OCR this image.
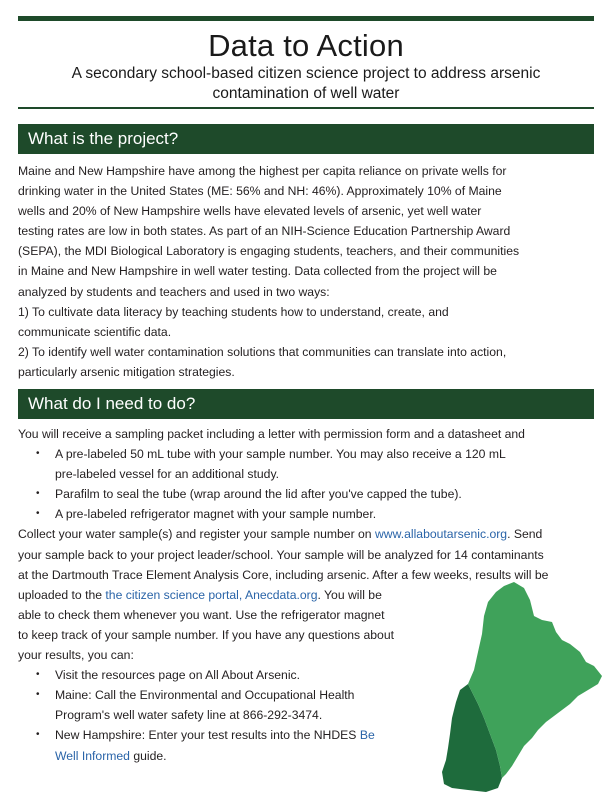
Data to Action
A secondary school-based citizen science project to address arsenic
contamination of well water
What is the project?

Maine and New Hampshire have among the highest per capita reliance on private wells for

drinking water in the United States (ME: 56% and NH: 46%). Approximately 10% of Maine

wells and 20% of New Hampshire wells have elevated levels of arsenic, yet well water

testing rates are low in both states. As part of an NIH-Science Education Partnership Award

(SEPA), the MDI Biological Laboratory is engaging students, teachers, and their communities

in Maine and New Hampshire in well water testing. Data collected from the project will be

analyzed by students and teachers and used in two ways:

1) To cultivate data literacy by teaching students how to understand, create, and

communicate scientific data.

2) To identify well water contamination solutions that communities can translate into action,

particularly arsenic mitigation strategies.

What do I need to do?

You will receive a sampling packet including a letter with permission form and a datasheet and

• A pre-labeled 50 mL tube with your sample number. You may also receive a 120 mL
pre-labeled vessel for an additional study.
• Parafilm to seal the tube (wrap around the lid after you've capped the tube).
• A pre-labeled refrigerator magnet with your sample number.

Collect your water sample(s) and register your sample number on www.allaboutarsenic.org. Send

your sample back to your project leader/school. Your sample will be analyzed for 14 contaminants

at the Dartmouth Trace Element Analysis Core, including arsenic. After a few weeks, results will be

uploaded to the the citizen science portal, Anecdata.org. You will be

able to check them whenever you want. Use the refrigerator magnet

to keep track of your sample number. If you have any questions about

your results, you can:

• Visit the resources page on All About Arsenic.
• Maine: Call the Environmental and Occupational Health
Program's well water safety line at 866-292-3474.
• New Hampshire: Enter your test results into the NHDES Be
Well Informed guide.
